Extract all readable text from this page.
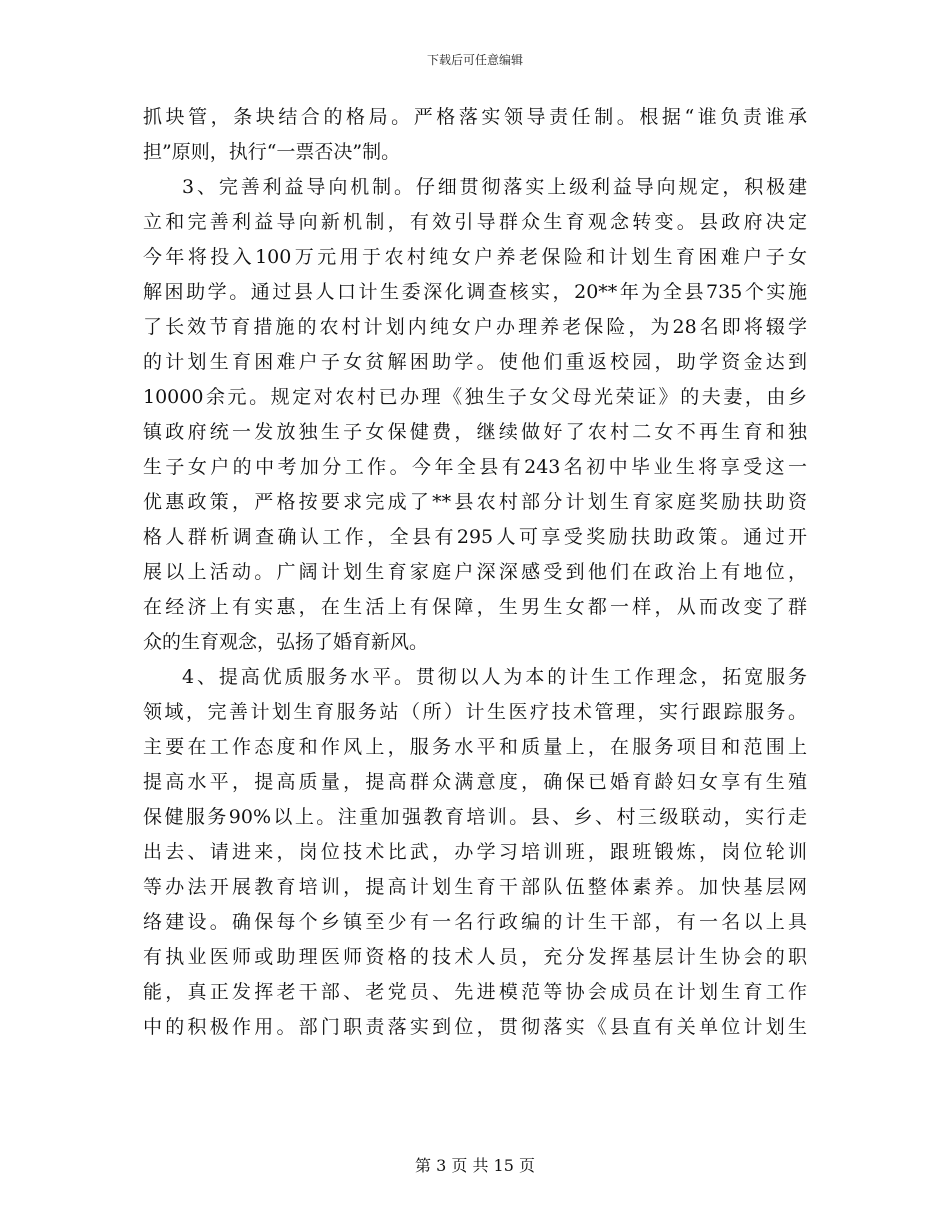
下载后可任意编辑
抓块管，条块结合的格局。严格落实领导责任制。根据“谁负责谁承
担”原则，执行“一票否决”制。
3、完善利益导向机制。仔细贯彻落实上级利益导向规定，积极建
立和完善利益导向新机制，有效引导群众生育观念转变。县政府决定
今年将投入100万元用于农村纯女户养老保险和计划生育困难户子女
解困助学。通过县人口计生委深化调查核实，20**年为全县735个实施
了长效节育措施的农村计划内纯女户办理养老保险，为28名即将辍学
的计划生育困难户子女贫解困助学。使他们重返校园，助学资金达到
10000余元。规定对农村已办理《独生子女父母光荣证》的夫妻，由乡
镇政府统一发放独生子女保健费，继续做好了农村二女不再生育和独
生子女户的中考加分工作。今年全县有243名初中毕业生将享受这一
优惠政策，严格按要求完成了**县农村部分计划生育家庭奖励扶助资
格人群析调查确认工作，全县有295人可享受奖励扶助政策。通过开
展以上活动。广阔计划生育家庭户深深感受到他们在政治上有地位，
在经济上有实惠，在生活上有保障，生男生女都一样，从而改变了群
众的生育观念，弘扬了婚育新风。
4、提高优质服务水平。贯彻以人为本的计生工作理念，拓宽服务
领域，完善计划生育服务站（所）计生医疗技术管理，实行跟踪服务。
主要在工作态度和作风上，服务水平和质量上，在服务项目和范围上
提高水平，提高质量，提高群众满意度，确保已婚育龄妇女享有生殖
保健服务90%以上。注重加强教育培训。县、乡、村三级联动，实行走
出去、请进来，岗位技术比武，办学习培训班，跟班锻炼，岗位轮训
等办法开展教育培训，提高计划生育干部队伍整体素养。加快基层网
络建设。确保每个乡镇至少有一名行政编的计生干部，有一名以上具
有执业医师或助理医师资格的技术人员，充分发挥基层计生协会的职
能，真正发挥老干部、老党员、先进模范等协会成员在计划生育工作
中的积极作用。部门职责落实到位，贯彻落实《县直有关单位计划生
第 3 页 共 15 页
